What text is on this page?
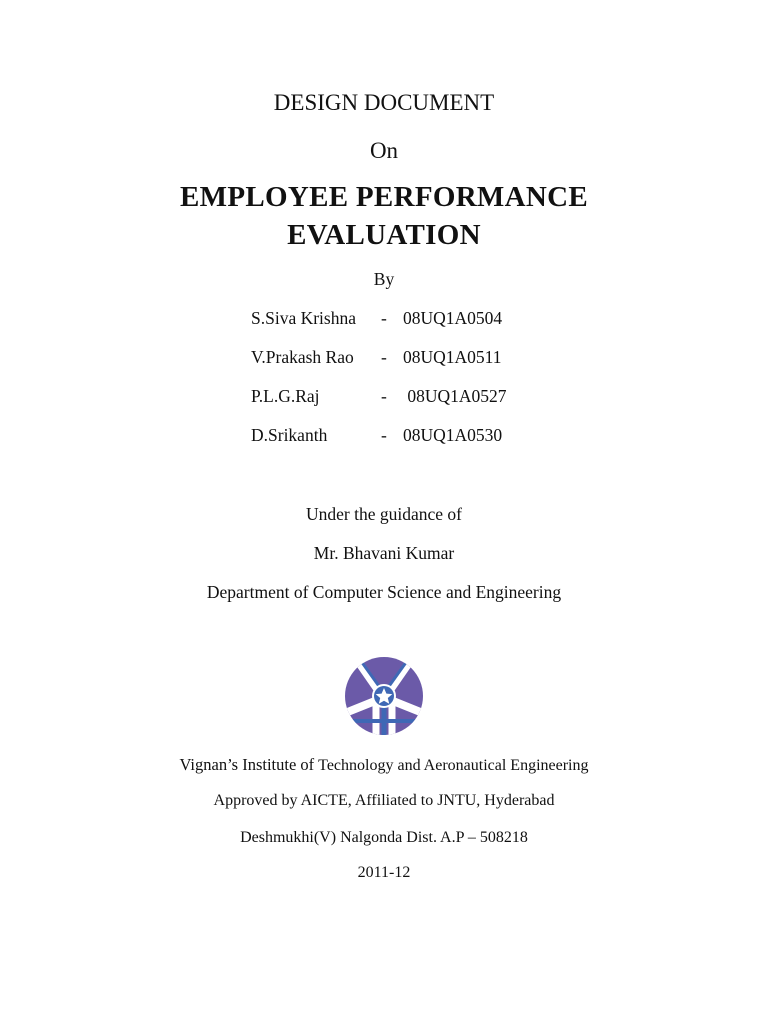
DESIGN DOCUMENT
On
EMPLOYEE PERFORMANCE
EVALUATION
By
S.Siva Krishna - 08UQ1A0504
V.Prakash Rao - 08UQ1A0511
P.L.G.Raj	- 08UQ1A0527
D.Srikanth	- 08UQ1A0530
Under the guidance of
Mr. Bhavani Kumar
Department of Computer Science and Engineering
Vignan’s Institute of Technology and Aeronautical Engineering
Approved by AICTE, Affiliated to JNTU, Hyderabad
Deshmukhi(V) Nalgonda Dist. A.P – 508218
2011-12
